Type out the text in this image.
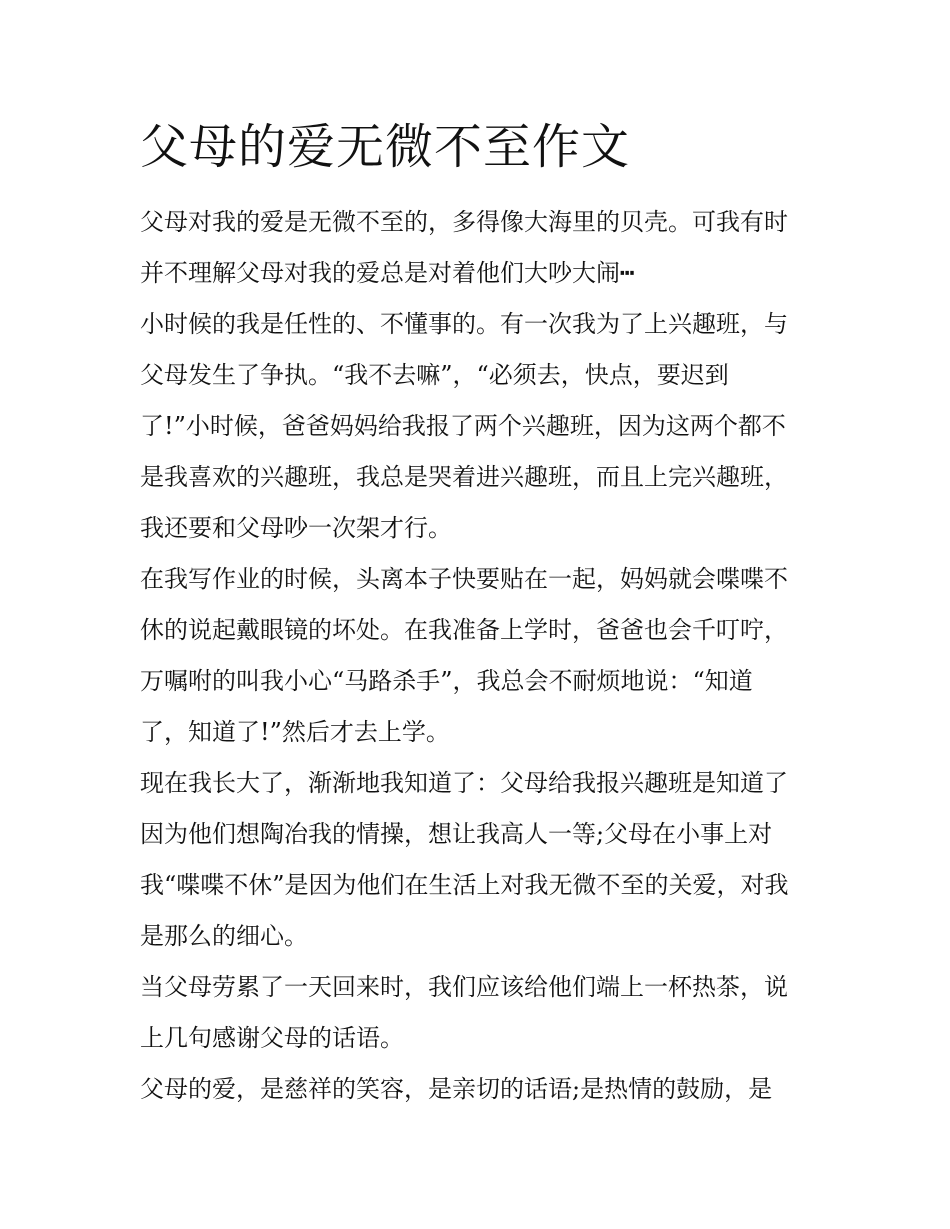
父母的爱无微不至作文
父母对我的爱是无微不至的，多得像大海里的贝壳。可我有时
并不理解父母对我的爱总是对着他们大吵大闹┅
小时候的我是任性的、不懂事的。有一次我为了上兴趣班，与
父母发生了争执。“我不去嘛”，“必须去，快点，要迟到
了!”小时候，爸爸妈妈给我报了两个兴趣班，因为这两个都不
是我喜欢的兴趣班，我总是哭着进兴趣班，而且上完兴趣班，
我还要和父母吵一次架才行。
在我写作业的时候，头离本子快要贴在一起，妈妈就会喋喋不
休的说起戴眼镜的坏处。在我准备上学时，爸爸也会千叮咛，
万嘱咐的叫我小心“马路杀手”，我总会不耐烦地说：“知道
了，知道了!”然后才去上学。
现在我长大了，渐渐地我知道了：父母给我报兴趣班是知道了
因为他们想陶冶我的情操，想让我高人一等;父母在小事上对
我“喋喋不休”是因为他们在生活上对我无微不至的关爱，对我
是那么的细心。
当父母劳累了一天回来时，我们应该给他们端上一杯热茶，说
上几句感谢父母的话语。
父母的爱，是慈祥的笑容，是亲切的话语;是热情的鼓励，是
